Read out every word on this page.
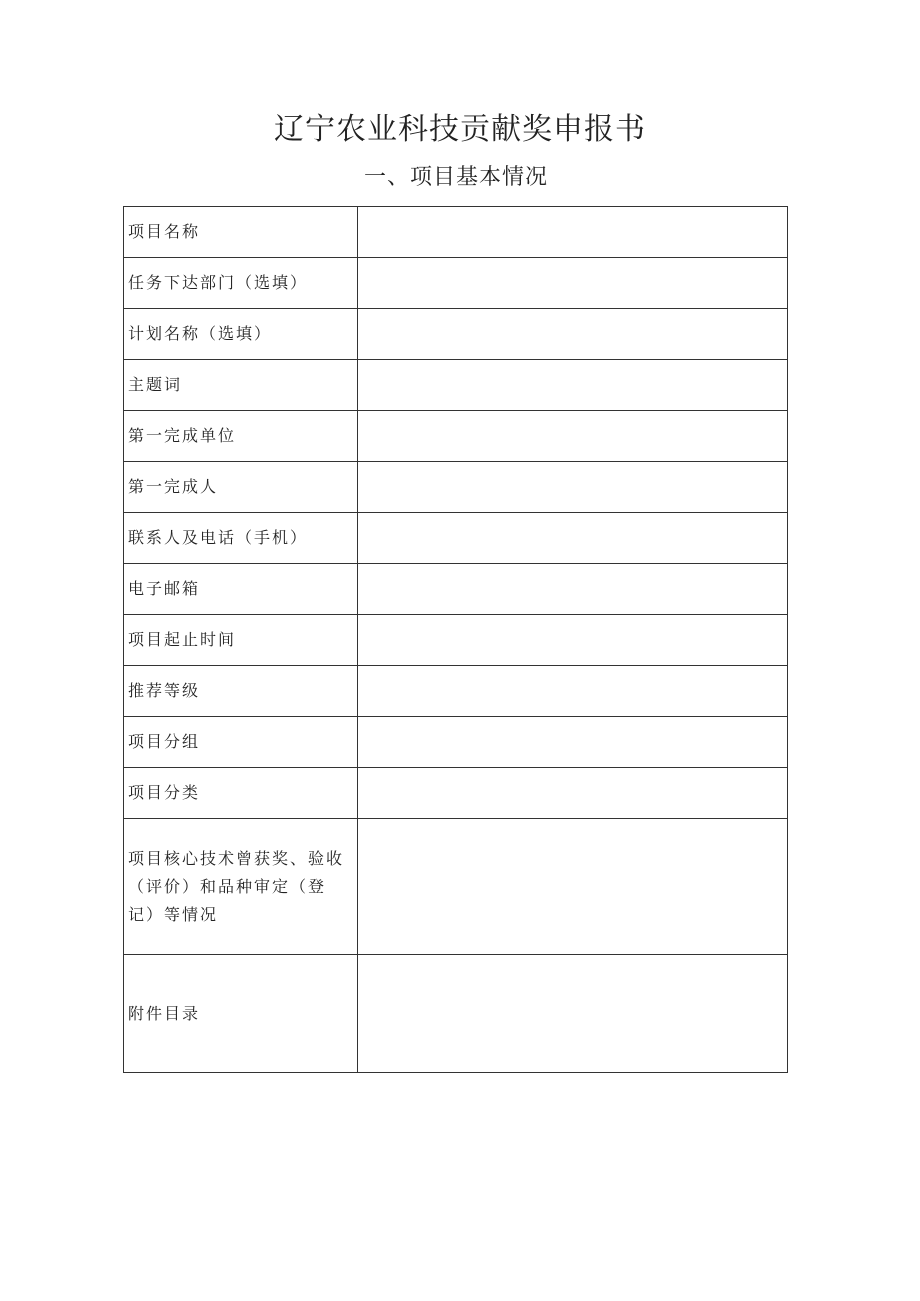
辽宁农业科技贡献奖申报书
一、项目基本情况
项目名称	
任务下达部门（选填）	
计划名称（选填）	
主题词	
第一完成单位	
第一完成人	
联系人及电话（手机）	
电子邮箱	
项目起止时间	
推荐等级	
项目分组	
项目分类	
项目核心技术曾获奖、验收（评价）和品种审定（登记）等情况	
附件目录	
